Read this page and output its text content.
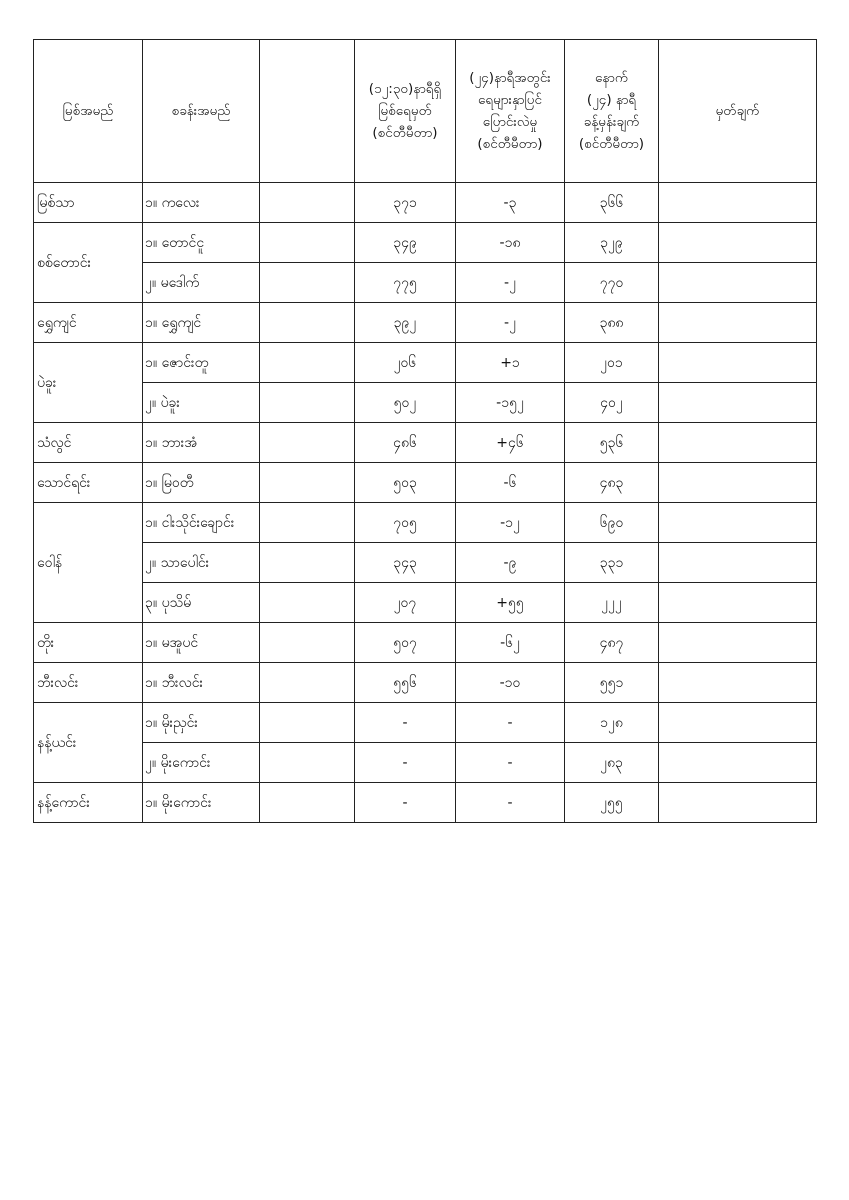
မြစ်အမည်	စခန်းအမည်		(၁၂:၃၀)နာရီရှိ
မြစ်ရေမှတ်
(စင်တီမီတာ)	(၂၄)နာရီအတွင်း
ရေများနှာပြင်
ပြောင်းလဲမှု
(စင်တီမီတာ)	နောက်
(၂၄) နာရီ
ခန့်မှန်းချက်
(စင်တီမီတာ)	မှတ်ချက်
မြစ်သာ	၁။ ကလေး		၃၇၁	-၃	၃၆၆	
စစ်တောင်း	၁။ တောင်ငူ		၃၄၉	-၁၈	၃၂၉	
	၂။ မဒေါက်		၇၇၅	-၂	၇၇၀	
ရွှေကျင်	၁။ ရွှေကျင်		၃၉၂	-၂	၃၈၈	
ပဲခူး	၁။ ဇောင်းတူ		၂၀၆	+၁	၂၀၁	
	၂။ ပဲခူး		၅၀၂	-၁၅၂	၄၀၂	
သံလွင်	၁။ ဘားအံ		၄၈၆	+၄၆	၅၃၆	
သောင်ရင်း	၁။ မြဝတီ		၅၀၃	-၆	၄၈၃	
ဝေါန်	၁။ ငါးသိုင်းချောင်း		၇၀၅	-၁၂	၆၉၀	
	၂။ သာပေါင်း		၃၄၃	-၉	၃၃၁	
	၃။ ပုသိမ်		၂၀၇	+၅၅	၂၂၂	
တိုး	၁။ မအူပင်		၅၀၇	-၆၂	၄၈၇	
ဘီးလင်း	၁။ ဘီးလင်း		၅၅၆	-၁၀	၅၅၁	
နန့်ယင်း	၁။ မိုးညှင်း		-	-	၁၂၈	
	၂။ မိုးကောင်း		-	-	၂၈၃	
နန့်ကောင်း	၁။ မိုးကောင်း		-	-	၂၅၅	
